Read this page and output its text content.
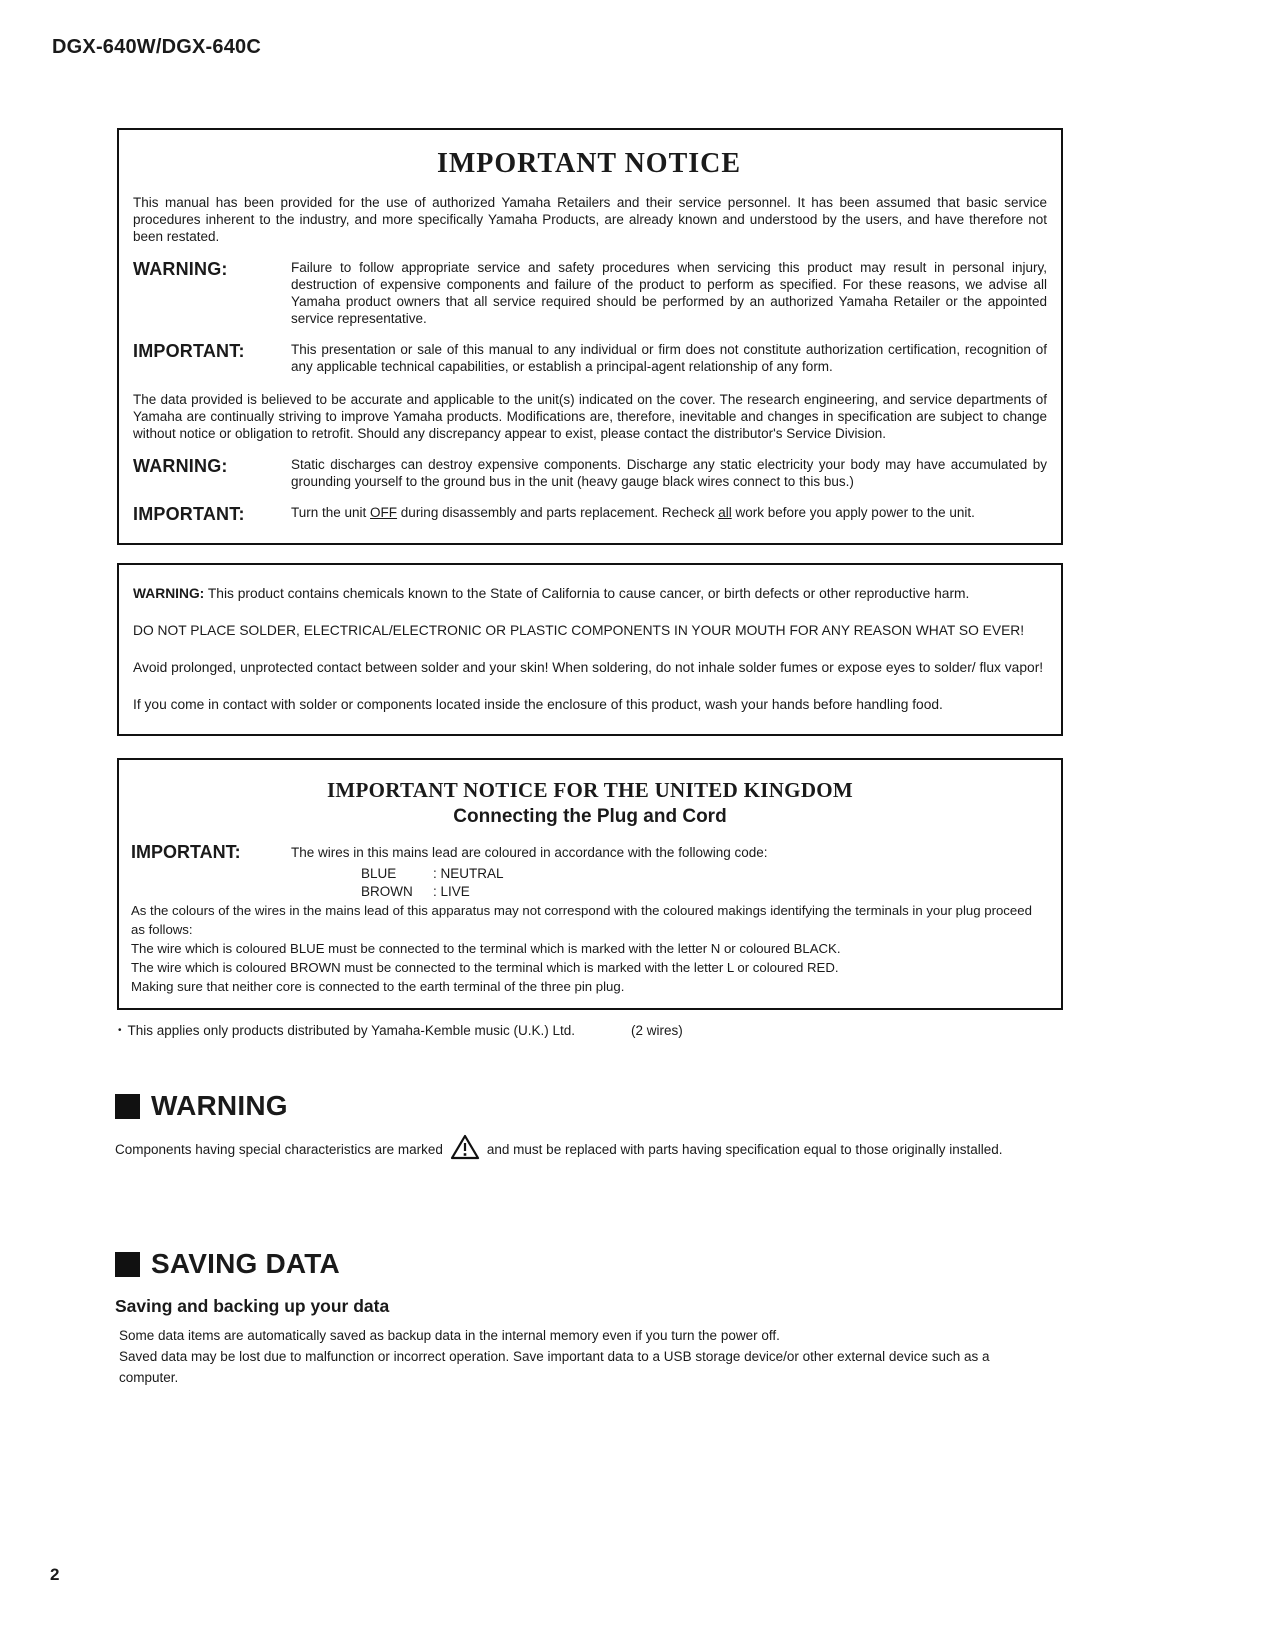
DGX-640W/DGX-640C
IMPORTANT NOTICE
This manual has been provided for the use of authorized Yamaha Retailers and their service personnel. It has been assumed that basic service procedures inherent to the industry, and more specifically Yamaha Products, are already known and understood by the users, and have therefore not been restated.
WARNING:	Failure to follow appropriate service and safety procedures when servicing this product may result in personal injury, destruction of expensive components and failure of the product to perform as specified. For these reasons, we advise all Yamaha product owners that all service required should be performed by an authorized Yamaha Retailer or the appointed service representative.
IMPORTANT:	This presentation or sale of this manual to any individual or firm does not constitute authorization certification, recognition of any applicable technical capabilities, or establish a principal-agent relationship of any form.
The data provided is believed to be accurate and applicable to the unit(s) indicated on the cover. The research engineering, and service departments of Yamaha are continually striving to improve Yamaha products. Modifications are, therefore, inevitable and changes in specification are subject to change without notice or obligation to retrofit. Should any discrepancy appear to exist, please contact the distributor's Service Division.
WARNING:	Static discharges can destroy expensive components. Discharge any static electricity your body may have accumulated by grounding yourself to the ground bus in the unit (heavy gauge black wires connect to this bus.)
IMPORTANT:	Turn the unit OFF during disassembly and parts replacement. Recheck all work before you apply power to the unit.

WARNING: This product contains chemicals known to the State of California to cause cancer, or birth defects or other reproductive harm.

DO NOT PLACE SOLDER, ELECTRICAL/ELECTRONIC OR PLASTIC COMPONENTS IN YOUR MOUTH FOR ANY REASON WHAT SO EVER!

Avoid prolonged, unprotected contact between solder and your skin! When soldering, do not inhale solder fumes or expose eyes to solder/ flux vapor!

If you come in contact with solder or components located inside the enclosure of this product, wash your hands before handling food.

IMPORTANT NOTICE FOR THE UNITED KINGDOM
Connecting the Plug and Cord
IMPORTANT:	The wires in this mains lead are coloured in accordance with the following code:
BLUE	: NEUTRAL
BROWN : LIVE

As the colours of the wires in the mains lead of this apparatus may not correspond with the coloured makings identifying the terminals in your plug proceed as follows:

The wire which is coloured BLUE must be connected to the terminal which is marked with the letter N or coloured BLACK.

The wire which is coloured BROWN must be connected to the terminal which is marked with the letter L or coloured RED.

Making sure that neither core is connected to the earth terminal of the three pin plug.

• This applies only products distributed by Yamaha-Kemble music (U.K.) Ltd.	(2 wires)
WARNING
Components having special characteristics are marked	and must be replaced with parts having specification equal to those originally installed.
SAVING DATA
Saving and backing up your data

Some data items are automatically saved as backup data in the internal memory even if you turn the power off.

Saved data may be lost due to malfunction or incorrect operation. Save important data to a USB storage device/or other external device such as a computer.

2
